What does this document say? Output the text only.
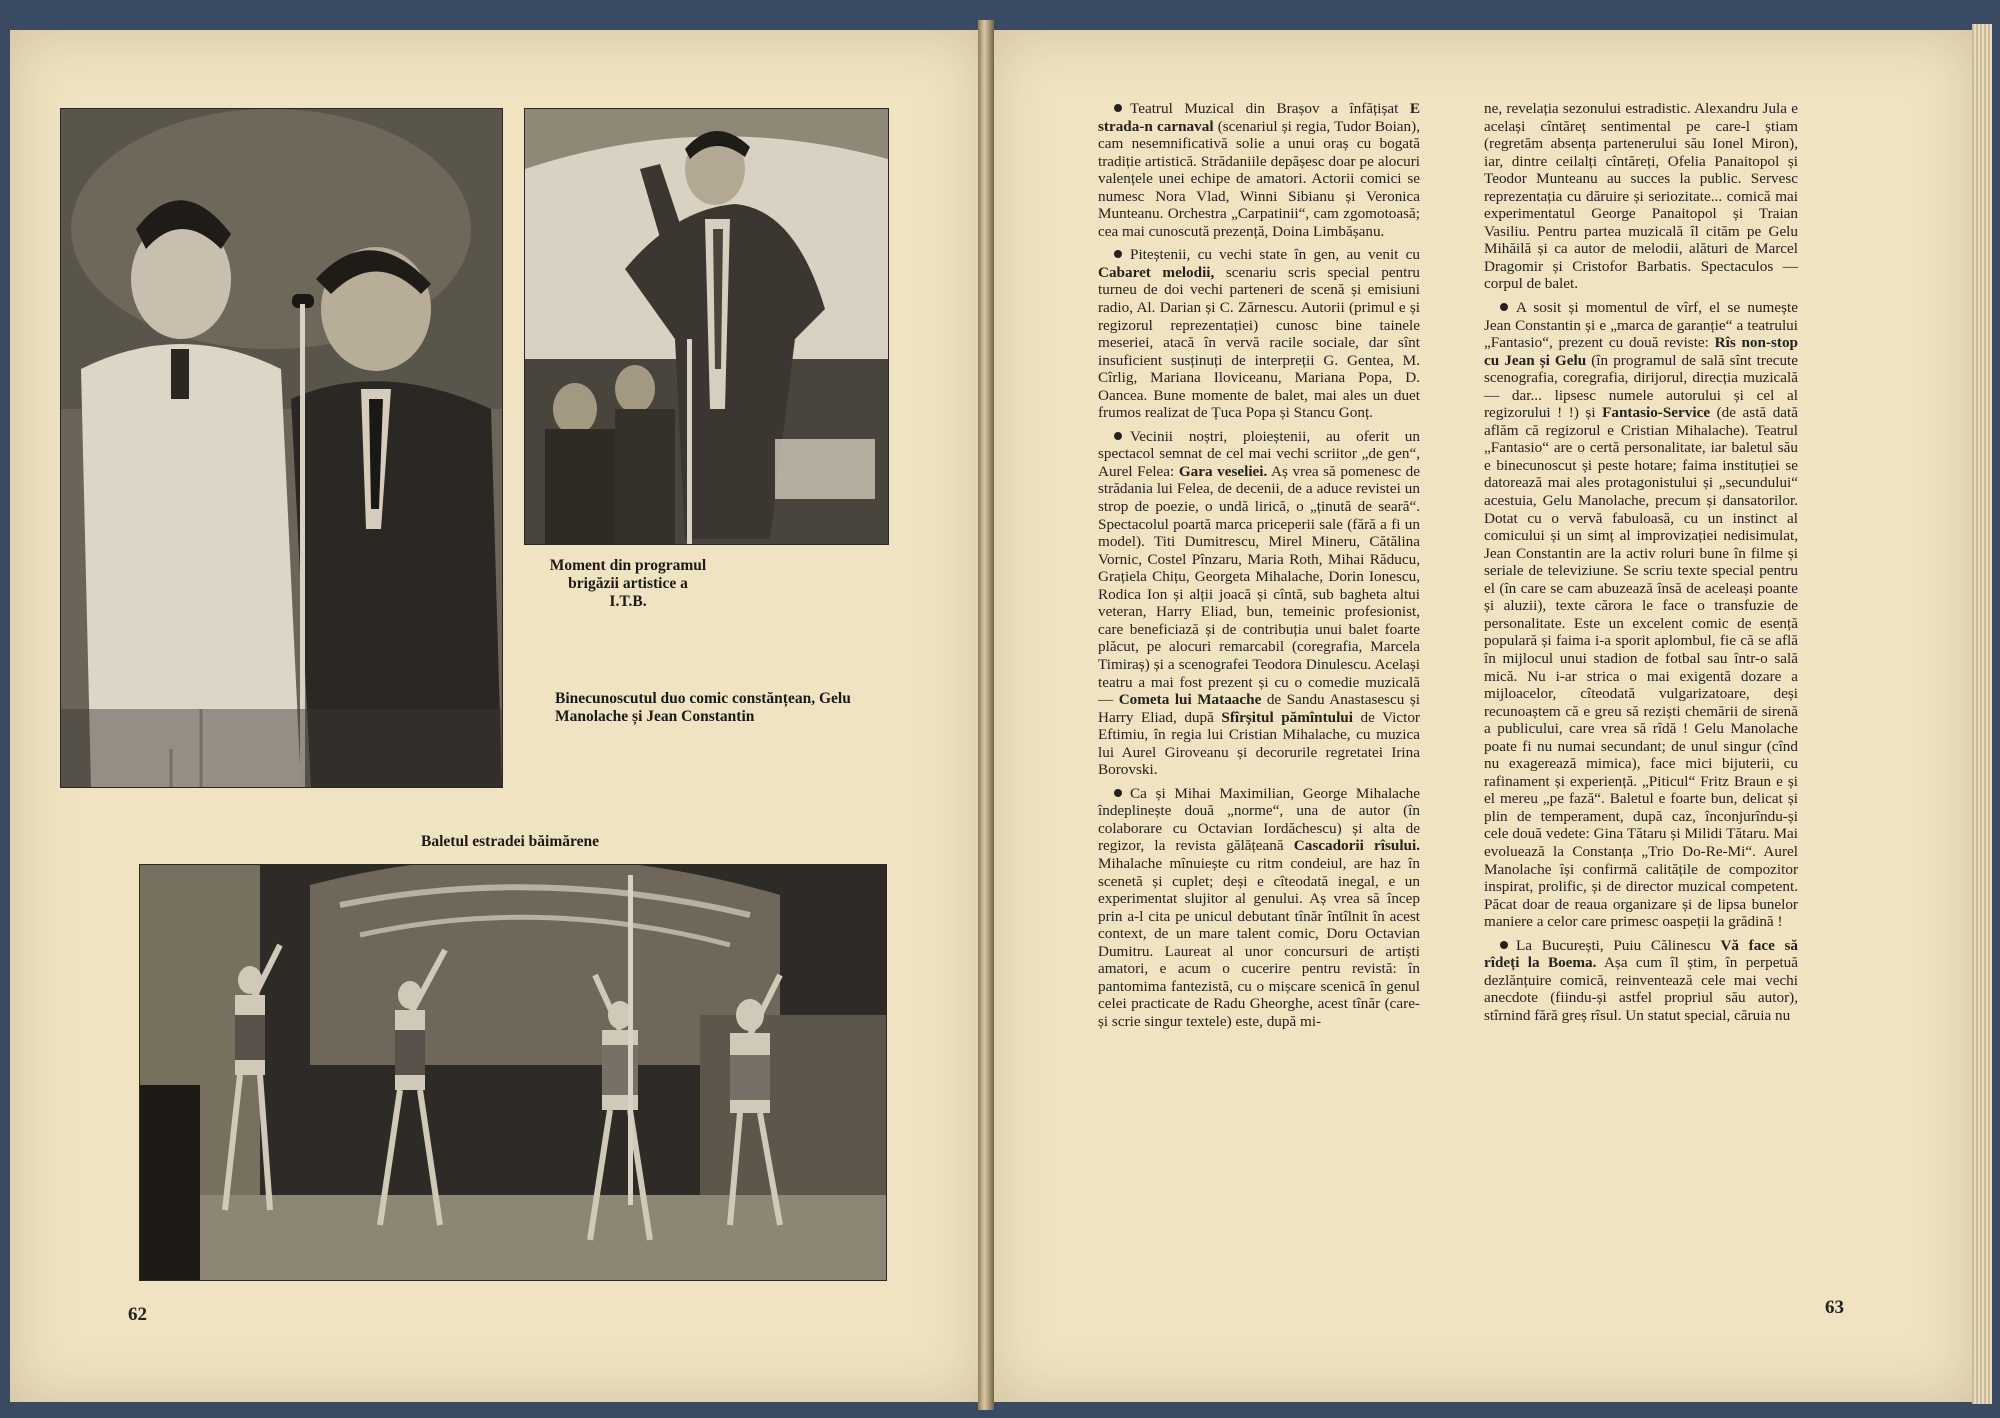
Moment din programul brigăzii artistice a I.T.B.
Binecunoscutul duo comic constănțean, Gelu Manolache și Jean Constantin
Baletul estradei băimărene
62

Teatrul Muzical din Brașov a înfățișat E strada-n carnaval (scenariul și regia, Tudor Boian), cam nesemnificativă solie a unui oraș cu bogată tradiție artistică. Strădaniile depășesc doar pe alocuri valențele unei echipe de amatori. Actorii comici se numesc Nora Vlad, Winni Sibianu și Veronica Munteanu. Orchestra „Carpatinii“, cam zgomotoasă; cea mai cunoscută prezență, Doina Limbășanu.

Piteștenii, cu vechi state în gen, au venit cu Cabaret melodii, scenariu scris special pentru turneu de doi vechi parteneri de scenă și emisiuni radio, Al. Darian și C. Zărnescu. Autorii (primul e și regizorul reprezentației) cunosc bine tainele meseriei, atacă în vervă racile sociale, dar sînt insuficient susținuți de interpreții G. Gentea, M. Cîrlig, Mariana Iloviceanu, Mariana Popa, D. Oancea. Bune momente de balet, mai ales un duet frumos realizat de Țuca Popa și Stancu Gonț.

Vecinii noștri, ploieștenii, au oferit un spectacol semnat de cel mai vechi scriitor „de gen“, Aurel Felea: Gara veseliei. Aș vrea să pomenesc de strădania lui Felea, de decenii, de a aduce revistei un strop de poezie, o undă lirică, o „ținută de seară“. Spectacolul poartă marca priceperii sale (fără a fi un model). Titi Dumitrescu, Mirel Mineru, Cătălina Vornic, Costel Pînzaru, Maria Roth, Mihai Răducu, Grațiela Chițu, Georgeta Mihalache, Dorin Ionescu, Rodica Ion și alții joacă și cîntă, sub bagheta altui veteran, Harry Eliad, bun, temeinic profesionist, care beneficiază și de contribuția unui balet foarte plăcut, pe alocuri remarcabil (coregrafia, Marcela Timiraș) și a scenografei Teodora Dinulescu. Același teatru a mai fost prezent și cu o comedie muzicală — Cometa lui Mataache de Sandu Anastasescu și Harry Eliad, după Sfîrșitul pămîntului de Victor Eftimiu, în regia lui Cristian Mihalache, cu muzica lui Aurel Giroveanu și decorurile regretatei Irina Borovski.

Ca și Mihai Maximilian, George Mihalache îndeplinește două „norme“, una de autor (în colaborare cu Octavian Iordăchescu) și alta de regizor, la revista gălățeană Cascadorii rîsului. Mihalache mînuiește cu ritm condeiul, are haz în scenetă și cuplet; deși e cîteodată inegal, e un experimentat slujitor al genului. Aș vrea să încep prin a-l cita pe unicul debutant tînăr întîlnit în acest context, de un mare talent comic, Doru Octavian Dumitru. Laureat al unor concursuri de artiști amatori, e acum o cucerire pentru revistă: în pantomima fantezistă, cu o mișcare scenică în genul celei practicate de Radu Gheorghe, acest tînăr (care-și scrie singur textele) este, după mi-

ne, revelația sezonului estradistic. Alexandru Jula e același cîntăreț sentimental pe care-l știam (regretăm absența partenerului său Ionel Miron), iar, dintre ceilalți cîntăreți, Ofelia Panaitopol și Teodor Munteanu au succes la public. Servesc reprezentația cu dăruire și seriozitate... comică mai experimentatul George Panaitopol și Traian Vasiliu. Pentru partea muzicală îl cităm pe Gelu Mihăilă și ca autor de melodii, alături de Marcel Dragomir și Cristofor Barbatis. Spectaculos — corpul de balet.

A sosit și momentul de vîrf, el se numește Jean Constantin și e „marca de garanție“ a teatrului „Fantasio“, prezent cu două reviste: Rîs non-stop cu Jean și Gelu (în programul de sală sînt trecute scenografia, coregrafia, dirijorul, direcția muzicală — dar... lipsesc numele autorului și cel al regizorului ! !) și Fantasio-Service (de astă dată aflăm că regizorul e Cristian Mihalache). Teatrul „Fantasio“ are o certă personalitate, iar baletul său e binecunoscut și peste hotare; faima instituției se datorează mai ales protagonistului și „secundului“ acestuia, Gelu Manolache, precum și dansatorilor. Dotat cu o vervă fabuloasă, cu un instinct al comicului și un simț al improvizației nedisimulat, Jean Constantin are la activ roluri bune în filme și seriale de televiziune. Se scriu texte special pentru el (în care se cam abuzează însă de aceleași poante și aluzii), texte cărora le face o transfuzie de personalitate. Este un excelent comic de esență populară și faima i-a sporit aplombul, fie că se află în mijlocul unui stadion de fotbal sau într-o sală mică. Nu i-ar strica o mai exigentă dozare a mijloacelor, cîteodată vulgarizatoare, deși recunoaștem că e greu să reziști chemării de sirenă a publicului, care vrea să rîdă ! Gelu Manolache poate fi nu numai secundant; de unul singur (cînd nu exagerează mimica), face mici bijuterii, cu rafinament și experiență. „Piticul“ Fritz Braun e și el mereu „pe fază“. Baletul e foarte bun, delicat și plin de temperament, după caz, înconjurîndu-și cele două vedete: Gina Tătaru și Milidi Tătaru. Mai evoluează la Constanța „Trio Do-Re-Mi“. Aurel Manolache își confirmă calitățile de compozitor inspirat, prolific, și de director muzical competent. Păcat doar de reaua organizare și de lipsa bunelor maniere a celor care primesc oaspeții la grădină !

La București, Puiu Călinescu Vă face să rîdeți la Boema. Așa cum îl știm, în perpetuă dezlănțuire comică, reinventează cele mai vechi anecdote (fiindu-și astfel propriul său autor), stîrnind fără greș rîsul. Un statut special, căruia nu

63
